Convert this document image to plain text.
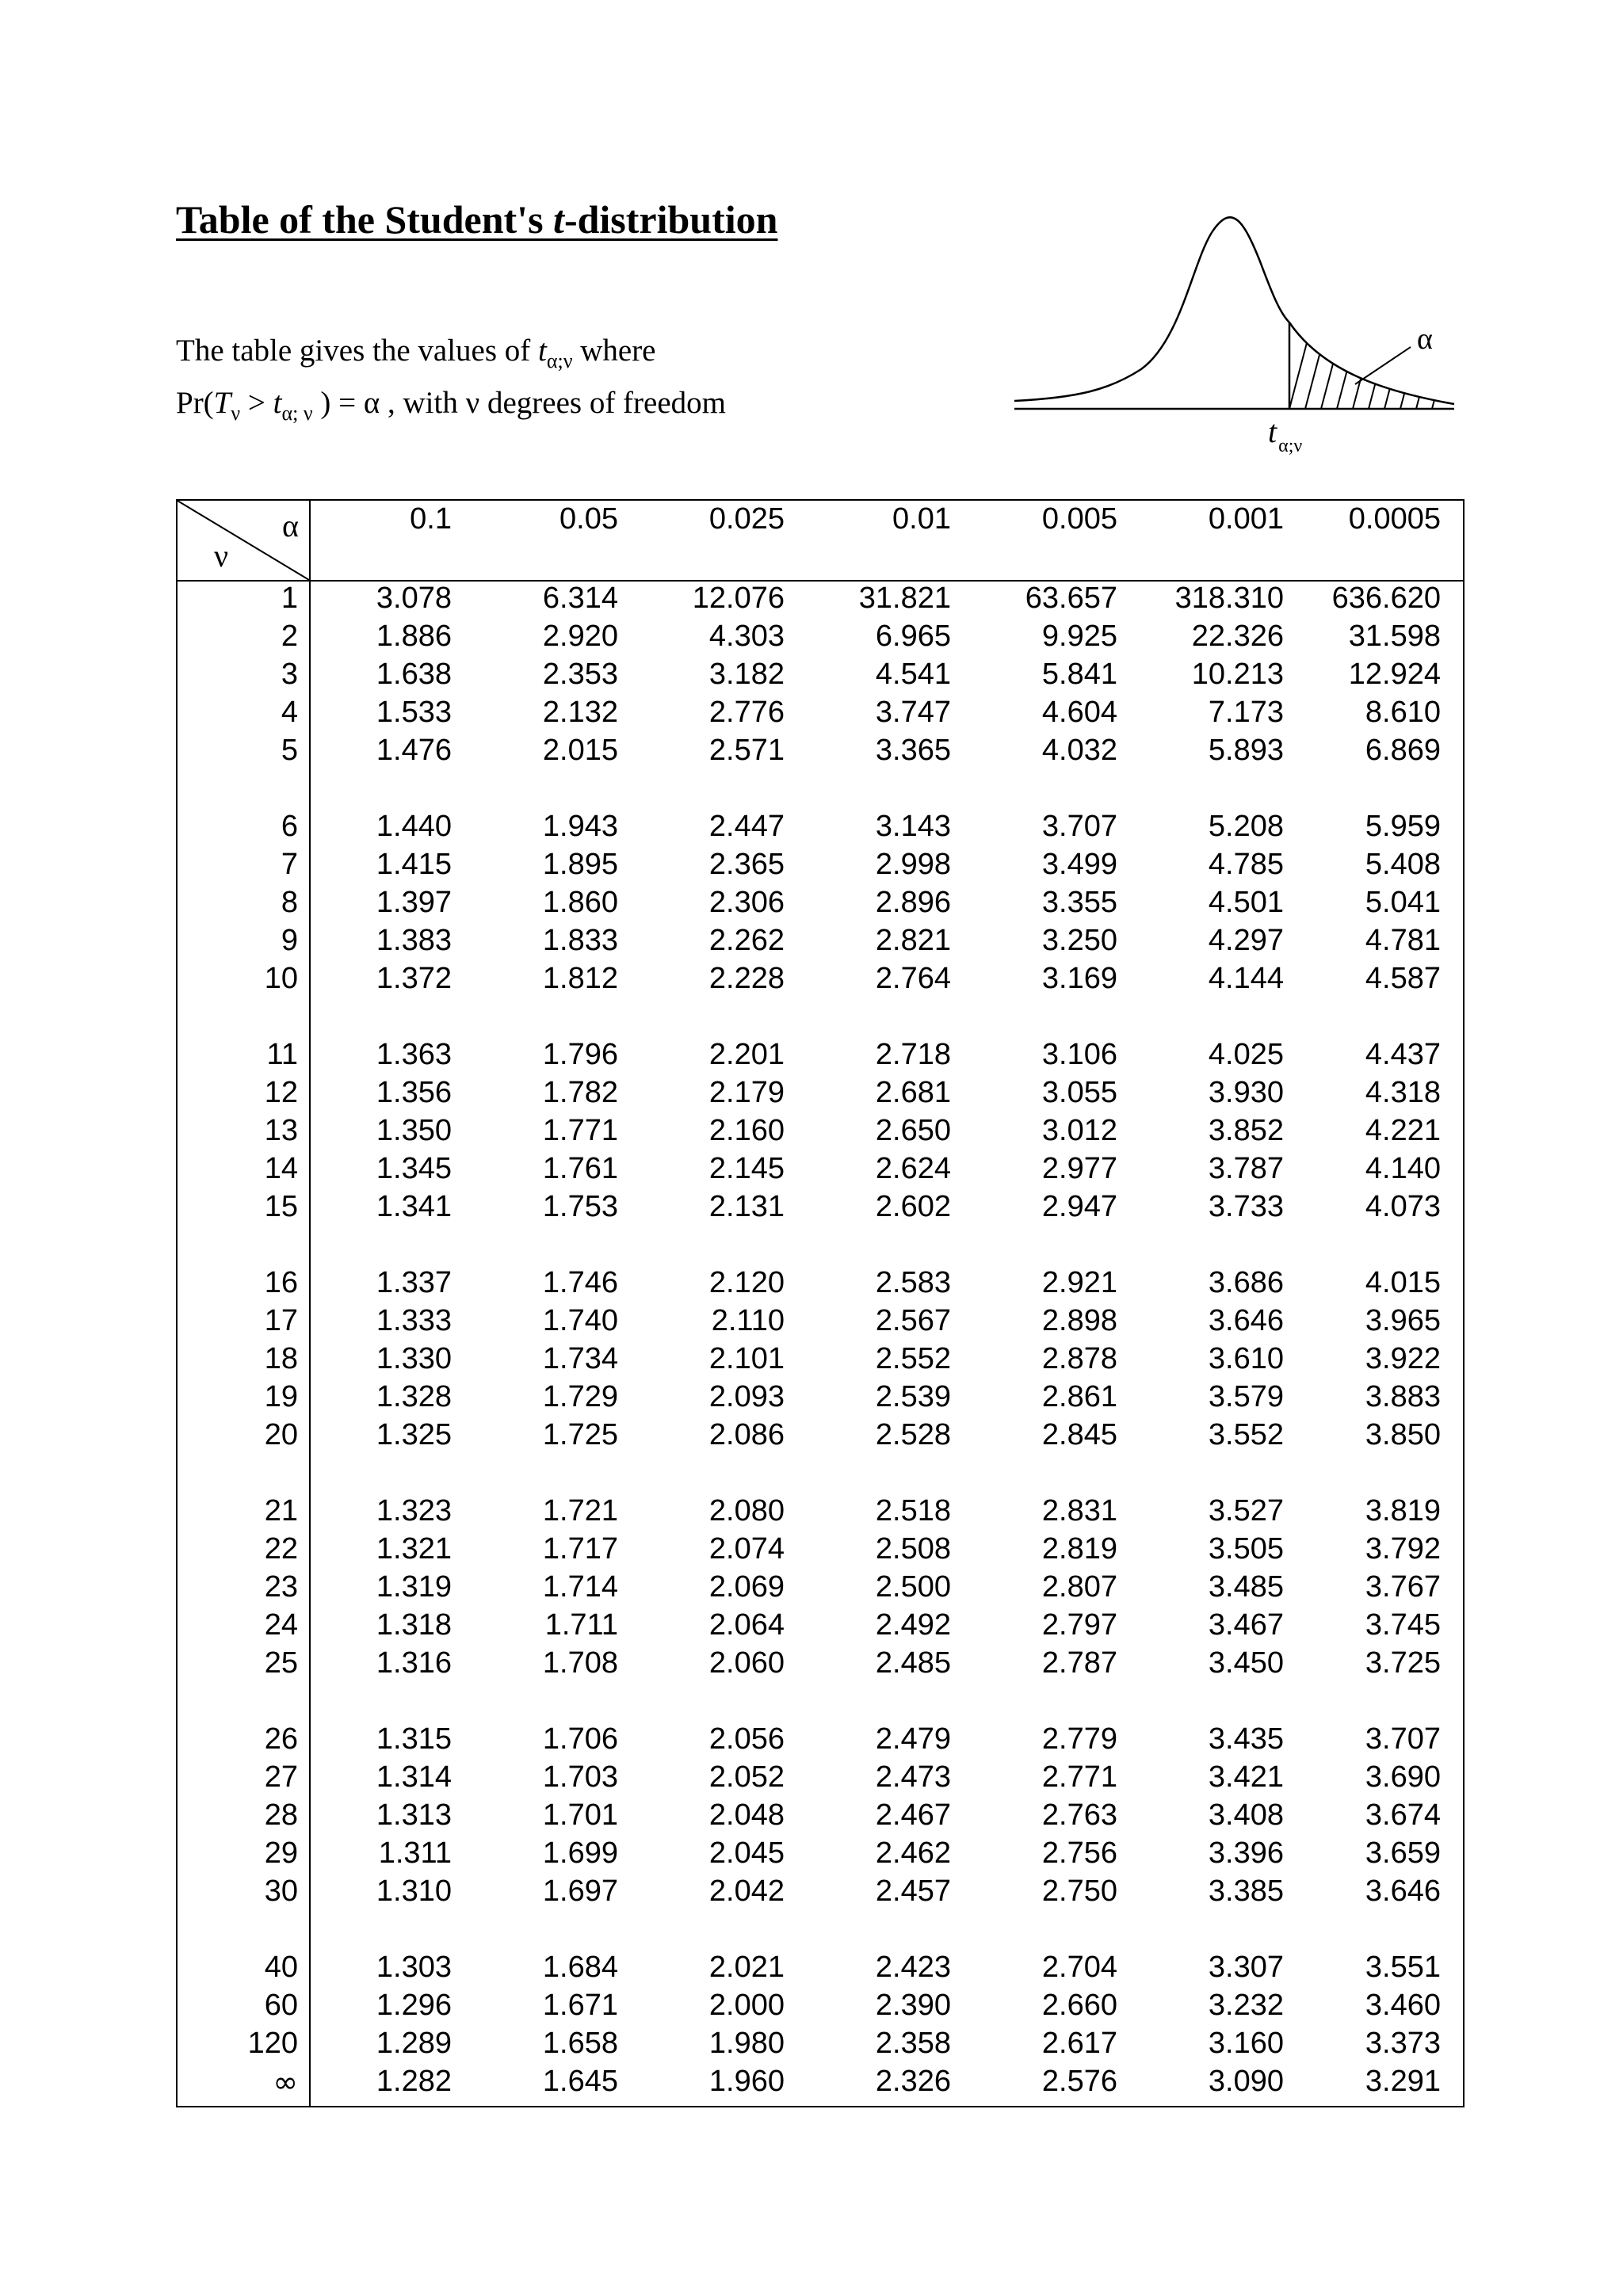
Table of the Student's t-distribution
The table gives the values of $t_{\alpha;\nu}$ where
$Pr(T_\nu > t_{\alpha; \nu}$ ) = α , with ν degrees of freedom
α
$t_{\alpha;\nu}$
α
ν
0.1	0.05	0.025	0.01	0.005	0.001 0.0005
1	3.078	6.314 12.076 31.821 63.657 318.310 636.620
2	1.886	2.920	4.303	6.965	9.925 22.326 31.598
3	1.638	2.353	3.182	4.541	5.841 10.213 12.924
4	1.533	2.132	2.776	3.747	4.604	7.173	8.610
5	1.476	2.015	2.571	3.365	4.032	5.893	6.869
6	1.440	1.943	2.447	3.143	3.707	5.208	5.959
7	1.415	1.895	2.365	2.998	3.499	4.785	5.408
8	1.397	1.860	2.306	2.896	3.355	4.501	5.041
9	1.383	1.833	2.262	2.821	3.250	4.297	4.781
10	1.372	1.812	2.228	2.764	3.169	4.144	4.587
11	1.363	1.796	2.201	2.718	3.106	4.025	4.437
12	1.356	1.782	2.179	2.681	3.055	3.930	4.318
13	1.350	1.771	2.160	2.650	3.012	3.852	4.221
14	1.345	1.761	2.145	2.624	2.977	3.787	4.140
15	1.341	1.753	2.131	2.602	2.947	3.733	4.073
16	1.337	1.746	2.120	2.583	2.921	3.686	4.015
17	1.333	1.740	2.110	2.567	2.898	3.646	3.965
18	1.330	1.734	2.101	2.552	2.878	3.610	3.922
19	1.328	1.729	2.093	2.539	2.861	3.579	3.883
20	1.325	1.725	2.086	2.528	2.845	3.552	3.850
21	1.323	1.721	2.080	2.518	2.831	3.527	3.819
22	1.321	1.717	2.074	2.508	2.819	3.505	3.792
23	1.319	1.714	2.069	2.500	2.807	3.485	3.767
24	1.318	1.711	2.064	2.492	2.797	3.467	3.745
25	1.316	1.708	2.060	2.485	2.787	3.450	3.725
26	1.315	1.706	2.056	2.479	2.779	3.435	3.707
27	1.314	1.703	2.052	2.473	2.771	3.421	3.690
28	1.313	1.701	2.048	2.467	2.763	3.408	3.674
29	1.311	1.699	2.045	2.462	2.756	3.396	3.659
30	1.310	1.697	2.042	2.457	2.750	3.385	3.646
40	1.303	1.684	2.021	2.423	2.704	3.307	3.551
60	1.296	1.671	2.000	2.390	2.660	3.232	3.460
120	1.289	1.658	1.980	2.358	2.617	3.160	3.373
∞	1.282	1.645	1.960	2.326	2.576	3.090	3.291
